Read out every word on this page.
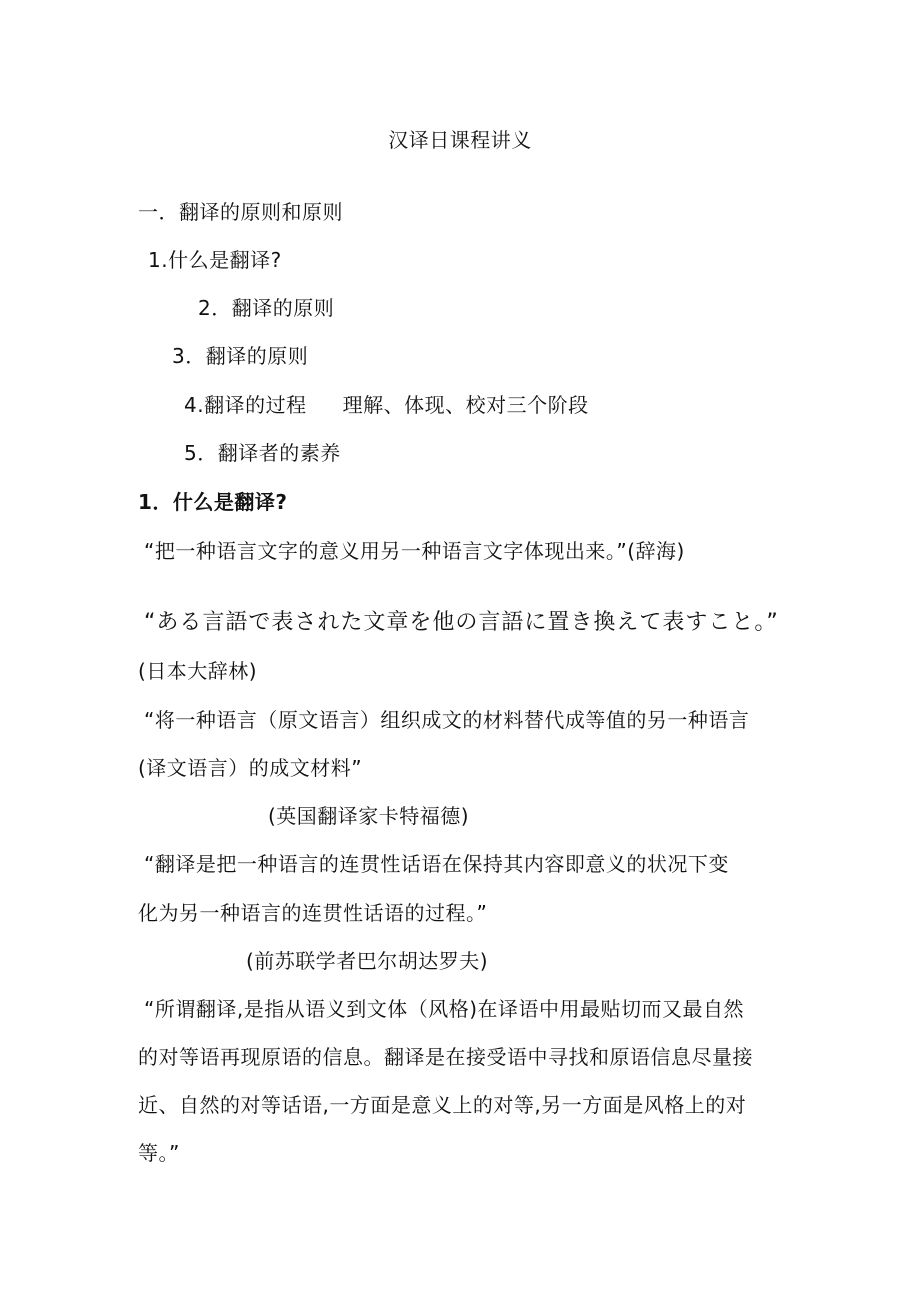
汉译日课程讲义
一．翻译的原则和原则
1.什么是翻译?
2．翻译的原则
3．翻译的原则
4.翻译的过程 理解、体现、校对三个阶段
5．翻译者的素养
1．什么是翻译?
“把一种语言文字的意义用另一种语言文字体现出来。”(辞海)
“ある言語で表された文章を他の言語に置き換えて表すこと。”
(日本大辞林)
“将一种语言（原文语言）组织成文的材料替代成等值的另一种语言
(译文语言）的成文材料”
(英国翻译家卡特福德)
“翻译是把一种语言的连贯性话语在保持其内容即意义的状况下变
化为另一种语言的连贯性话语的过程。”
(前苏联学者巴尔胡达罗夫)
“所谓翻译,是指从语义到文体（风格)在译语中用最贴切而又最自然
的对等语再现原语的信息。翻译是在接受语中寻找和原语信息尽量接
近、自然的对等话语,一方面是意义上的对等,另一方面是风格上的对
等。”
